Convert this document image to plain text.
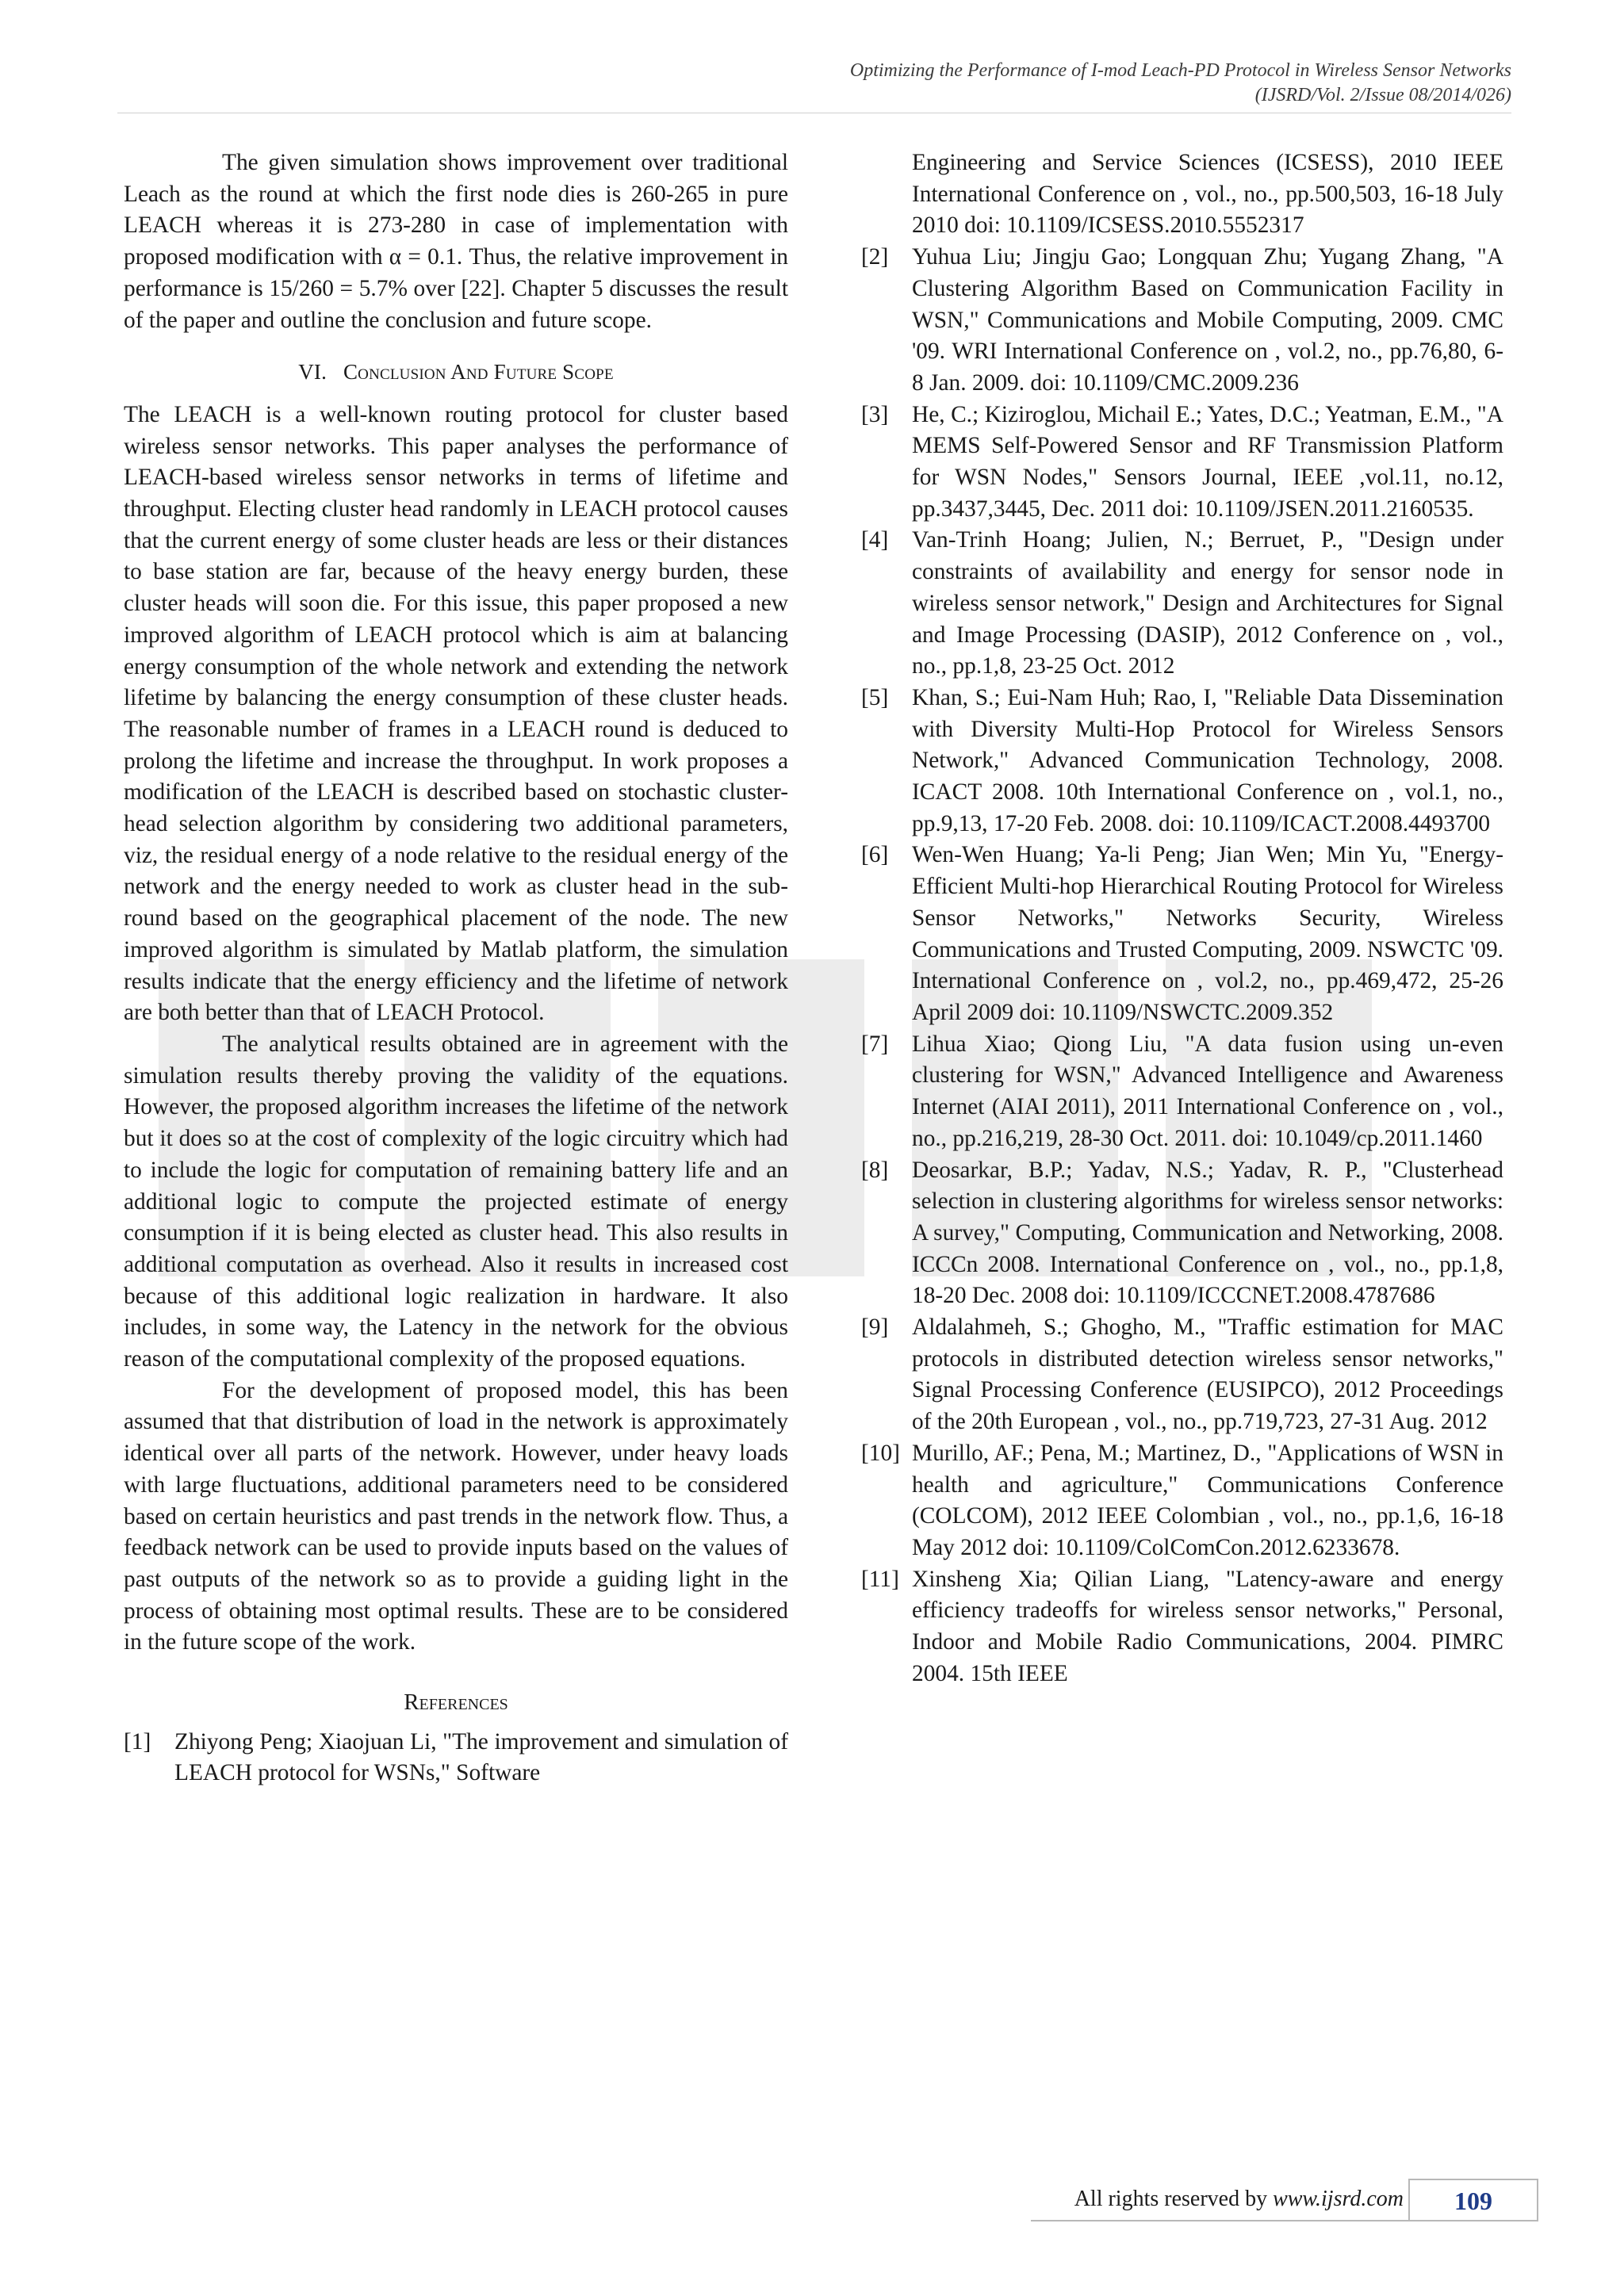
Optimizing the Performance of I-mod Leach-PD Protocol in Wireless Sensor Networks
(IJSRD/Vol. 2/Issue 08/2014/026)

The given simulation shows improvement over traditional Leach as the round at which the first node dies is 260-265 in pure LEACH whereas it is 273-280 in case of implementation with proposed modification with α = 0.1. Thus, the relative improvement in performance is 15/260 = 5.7% over [22]. Chapter 5 discusses the result of the paper and outline the conclusion and future scope.

VI. Conclusion And Future Scope

The LEACH is a well-known routing protocol for cluster based wireless sensor networks. This paper analyses the performance of LEACH-based wireless sensor networks in terms of lifetime and throughput. Electing cluster head randomly in LEACH protocol causes that the current energy of some cluster heads are less or their distances to base station are far, because of the heavy energy burden, these cluster heads will soon die. For this issue, this paper proposed a new improved algorithm of LEACH protocol which is aim at balancing energy consumption of the whole network and extending the network lifetime by balancing the energy consumption of these cluster heads. The reasonable number of frames in a LEACH round is deduced to prolong the lifetime and increase the throughput. In work proposes a modification of the LEACH is described based on stochastic cluster-head selection algorithm by considering two additional parameters, viz, the residual energy of a node relative to the residual energy of the network and the energy needed to work as cluster head in the sub-round based on the geographical placement of the node. The new improved algorithm is simulated by Matlab platform, the simulation results indicate that the energy efficiency and the lifetime of network are both better than that of LEACH Protocol.

The analytical results obtained are in agreement with the simulation results thereby proving the validity of the equations. However, the proposed algorithm increases the lifetime of the network but it does so at the cost of complexity of the logic circuitry which had to include the logic for computation of remaining battery life and an additional logic to compute the projected estimate of energy consumption if it is being elected as cluster head. This also results in additional computation as overhead. Also it results in increased cost because of this additional logic realization in hardware. It also includes, in some way, the Latency in the network for the obvious reason of the computational complexity of the proposed equations.

For the development of proposed model, this has been assumed that that distribution of load in the network is approximately identical over all parts of the network. However, under heavy loads with large fluctuations, additional parameters need to be considered based on certain heuristics and past trends in the network flow. Thus, a feedback network can be used to provide inputs based on the values of past outputs of the network so as to provide a guiding light in the process of obtaining most optimal results. These are to be considered in the future scope of the work.

References
[1]	Zhiyong Peng; Xiaojuan Li, "The improvement and simulation of LEACH protocol for WSNs," Software

Engineering and Service Sciences (ICSESS), 2010 IEEE International Conference on , vol., no., pp.500,503, 16-18 July 2010 doi: 10.1109/ICSESS.2010.5552317

[2]	Yuhua Liu; Jingju Gao; Longquan Zhu; Yugang Zhang, "A Clustering Algorithm Based on Communication Facility in WSN," Communications and Mobile Computing, 2009. CMC '09. WRI International Conference on , vol.2, no., pp.76,80, 6-8 Jan. 2009. doi: 10.1109/CMC.2009.236
[3]	He, C.; Kiziroglou, Michail E.; Yates, D.C.; Yeatman, E.M., "A MEMS Self-Powered Sensor and RF Transmission Platform for WSN Nodes," Sensors Journal, IEEE ,vol.11, no.12, pp.3437,3445, Dec. 2011 doi: 10.1109/JSEN.2011.2160535.
[4]	Van-Trinh Hoang; Julien, N.; Berruet, P., "Design under constraints of availability and energy for sensor node in wireless sensor network," Design and Architectures for Signal and Image Processing (DASIP), 2012 Conference on , vol., no., pp.1,8, 23-25 Oct. 2012
[5]	Khan, S.; Eui-Nam Huh; Rao, I, "Reliable Data Dissemination with Diversity Multi-Hop Protocol for Wireless Sensors Network," Advanced Communication Technology, 2008. ICACT 2008. 10th International Conference on , vol.1, no., pp.9,13, 17-20 Feb. 2008. doi: 10.1109/ICACT.2008.4493700
[6]	Wen-Wen Huang; Ya-li Peng; Jian Wen; Min Yu, "Energy-Efficient Multi-hop Hierarchical Routing Protocol for Wireless Sensor Networks," Networks Security, Wireless Communications and Trusted Computing, 2009. NSWCTC '09. International Conference on , vol.2, no., pp.469,472, 25-26 April 2009 doi: 10.1109/NSWCTC.2009.352
[7]	Lihua Xiao; Qiong Liu, "A data fusion using un-even clustering for WSN," Advanced Intelligence and Awareness Internet (AIAI 2011), 2011 International Conference on , vol., no., pp.216,219, 28-30 Oct. 2011. doi: 10.1049/cp.2011.1460
[8]	Deosarkar, B.P.; Yadav, N.S.; Yadav, R. P., "Clusterhead selection in clustering algorithms for wireless sensor networks: A survey," Computing, Communication and Networking, 2008. ICCCn 2008. International Conference on , vol., no., pp.1,8, 18-20 Dec. 2008 doi: 10.1109/ICCCNET.2008.4787686
[9]	Aldalahmeh, S.; Ghogho, M., "Traffic estimation for MAC protocols in distributed detection wireless sensor networks," Signal Processing Conference (EUSIPCO), 2012 Proceedings of the 20th European , vol., no., pp.719,723, 27-31 Aug. 2012
[10] Murillo, AF.; Pena, M.; Martinez, D., "Applications of WSN in health and agriculture," Communications Conference (COLCOM), 2012 IEEE Colombian , vol., no., pp.1,6, 16-18 May 2012 doi: 10.1109/ColComCon.2012.6233678.
[11] Xinsheng Xia; Qilian Liang, "Latency-aware and energy efficiency tradeoffs for wireless sensor networks," Personal, Indoor and Mobile Radio Communications, 2004. PIMRC 2004. 15th IEEE
All rights reserved by www.ijsrd.com	109
